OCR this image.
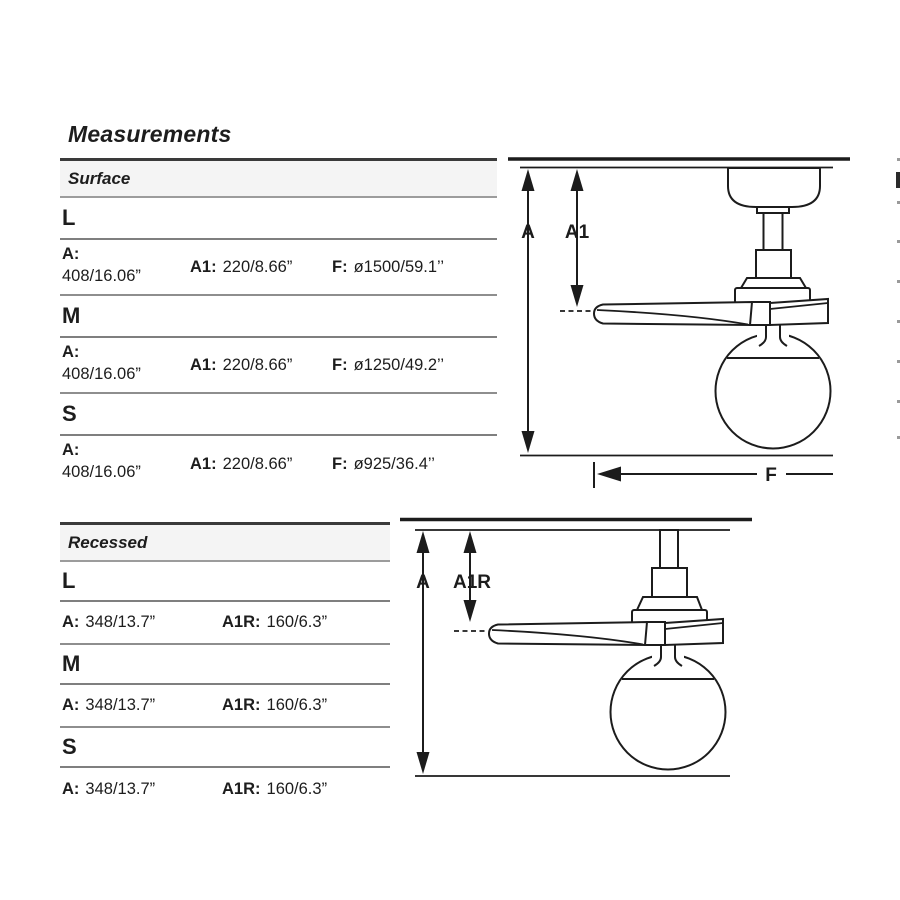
Measurements
Surface
L
A:
408/16.06”
A1: 220/8.66” F: ø1500/59.1’’
M
A:
408/16.06”
A1: 220/8.66” F: ø1250/49.2’’
S
A:
408/16.06”	A1: 220/8.66” F: ø925/36.4’’
Recessed
L
A: 348/13.7”	A1R: 160/6.3”
M
A: 348/13.7”	A1R: 160/6.3”
S
A: 348/13.7”	A1R: 160/6.3”
A A1
F
A A1R
